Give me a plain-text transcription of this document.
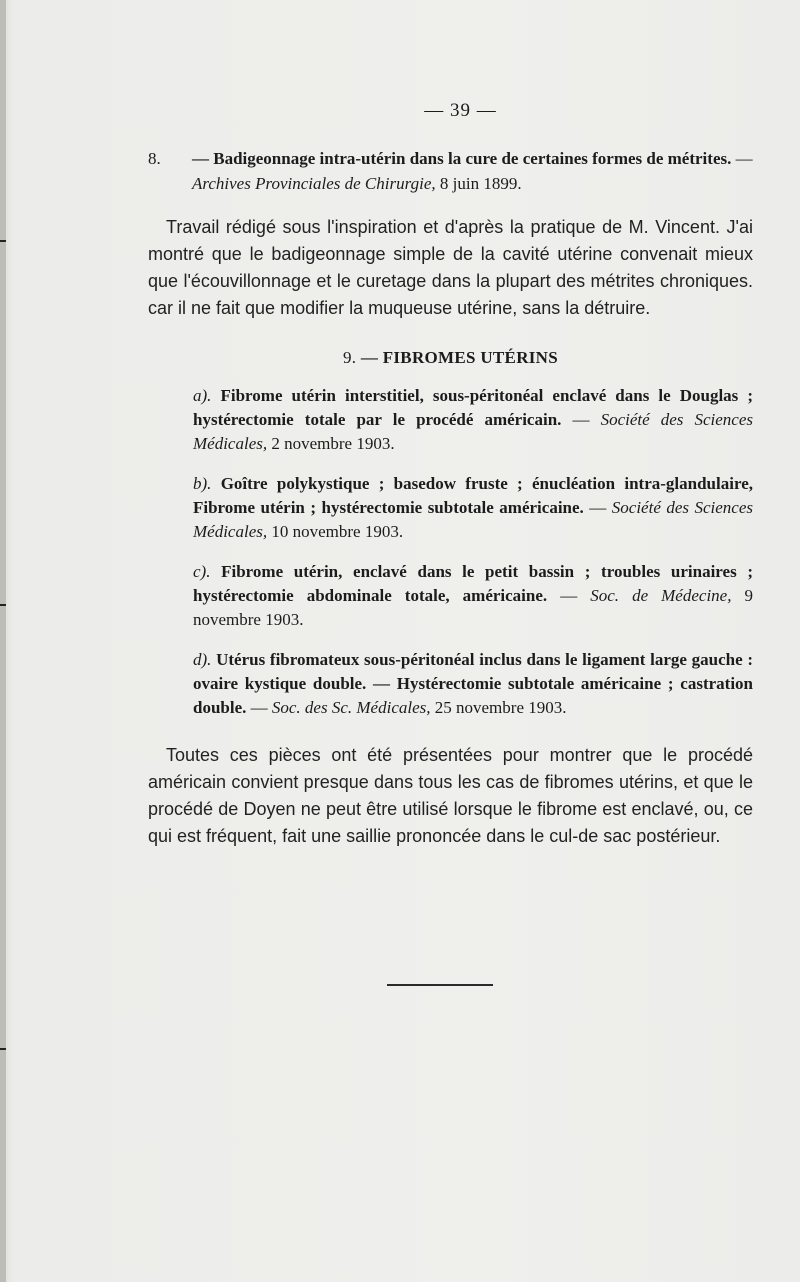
— 39 —
8. — Badigeonnage intra-utérin dans la cure de certaines formes de métrites. — Archives Provinciales de Chirurgie, 8 juin 1899.

Travail rédigé sous l'inspiration et d'après la pratique de M. Vincent. J'ai montré que le badigeonnage simple de la cavité utérine convenait mieux que l'écouvillonnage et le curetage dans la plupart des métrites chroniques. car il ne fait que modifier la muqueuse utérine, sans la détruire.

9. — FIBROMES UTÉRINS
a). Fibrome utérin interstitiel, sous-péritonéal enclavé dans le Douglas ; hystérectomie totale par le procédé américain. — Société des Sciences Médicales, 2 novembre 1903.
b). Goître polykystique ; basedow fruste ; énucléation intra-glandulaire, Fibrome utérin ; hystérectomie subtotale américaine. — Société des Sciences Médicales, 10 novembre 1903.
c). Fibrome utérin, enclavé dans le petit bassin ; troubles urinaires ; hystérectomie abdominale totale, américaine. — Soc. de Médecine, 9 novembre 1903.
d). Utérus fibromateux sous-péritonéal inclus dans le ligament large gauche : ovaire kystique double. — Hystérectomie subtotale américaine ; castration double. — Soc. des Sc. Médicales, 25 novembre 1903.

Toutes ces pièces ont été présentées pour montrer que le procédé américain convient presque dans tous les cas de fibromes utérins, et que le procédé de Doyen ne peut être utilisé lorsque le fibrome est enclavé, ou, ce qui est fréquent, fait une saillie prononcée dans le cul-de sac postérieur.
